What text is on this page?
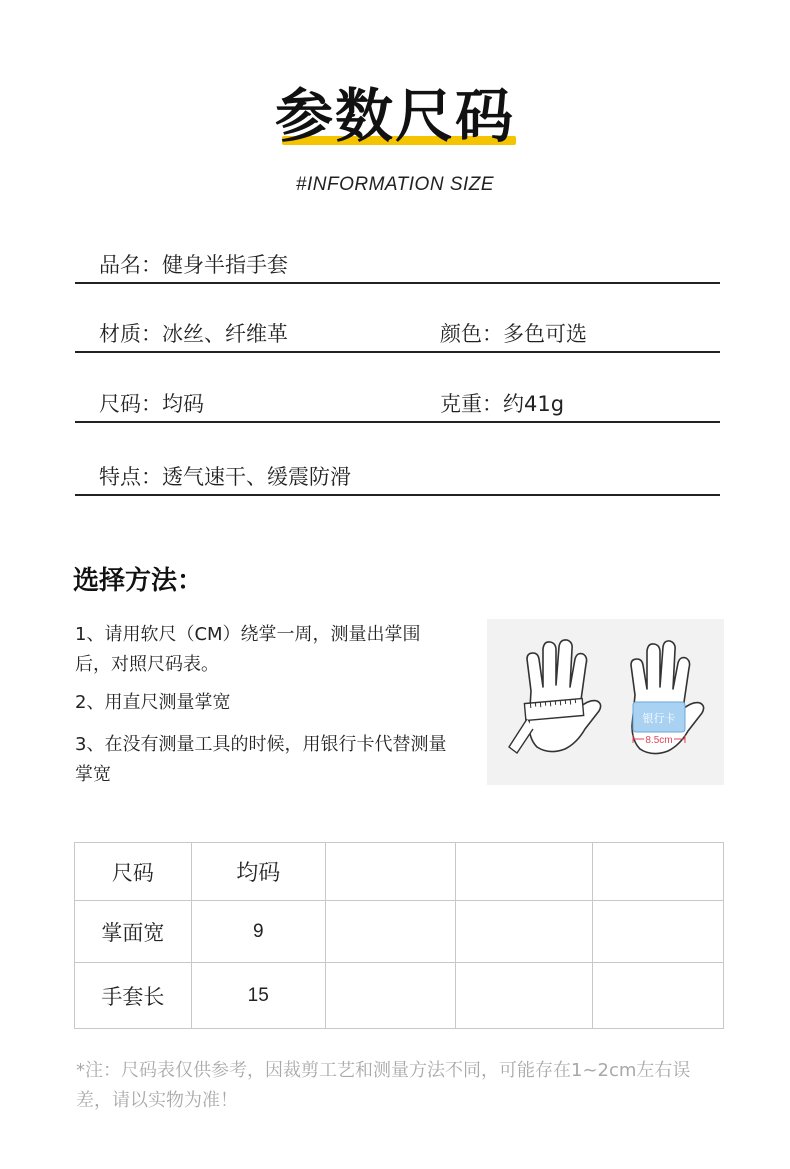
参数尺码
#INFORMATION SIZE
品名：健身半指手套
材质：冰丝、纤维革	颜色：多色可选
尺码：均码	克重：约41g
特点：透气速干、缓震防滑
选择方法：
1、请用软尺（CM）绕掌一周，测量出掌围后，对照尺码表。
2、用直尺测量掌宽
3、在没有测量工具的时候，用银行卡代替测量掌宽
银行卡
8.5cm
尺码	均码			
掌面宽	9			
手套长	15			
*注：尺码表仅供参考，因裁剪工艺和测量方法不同，可能存在1~2cm左右误差，请以实物为准！
